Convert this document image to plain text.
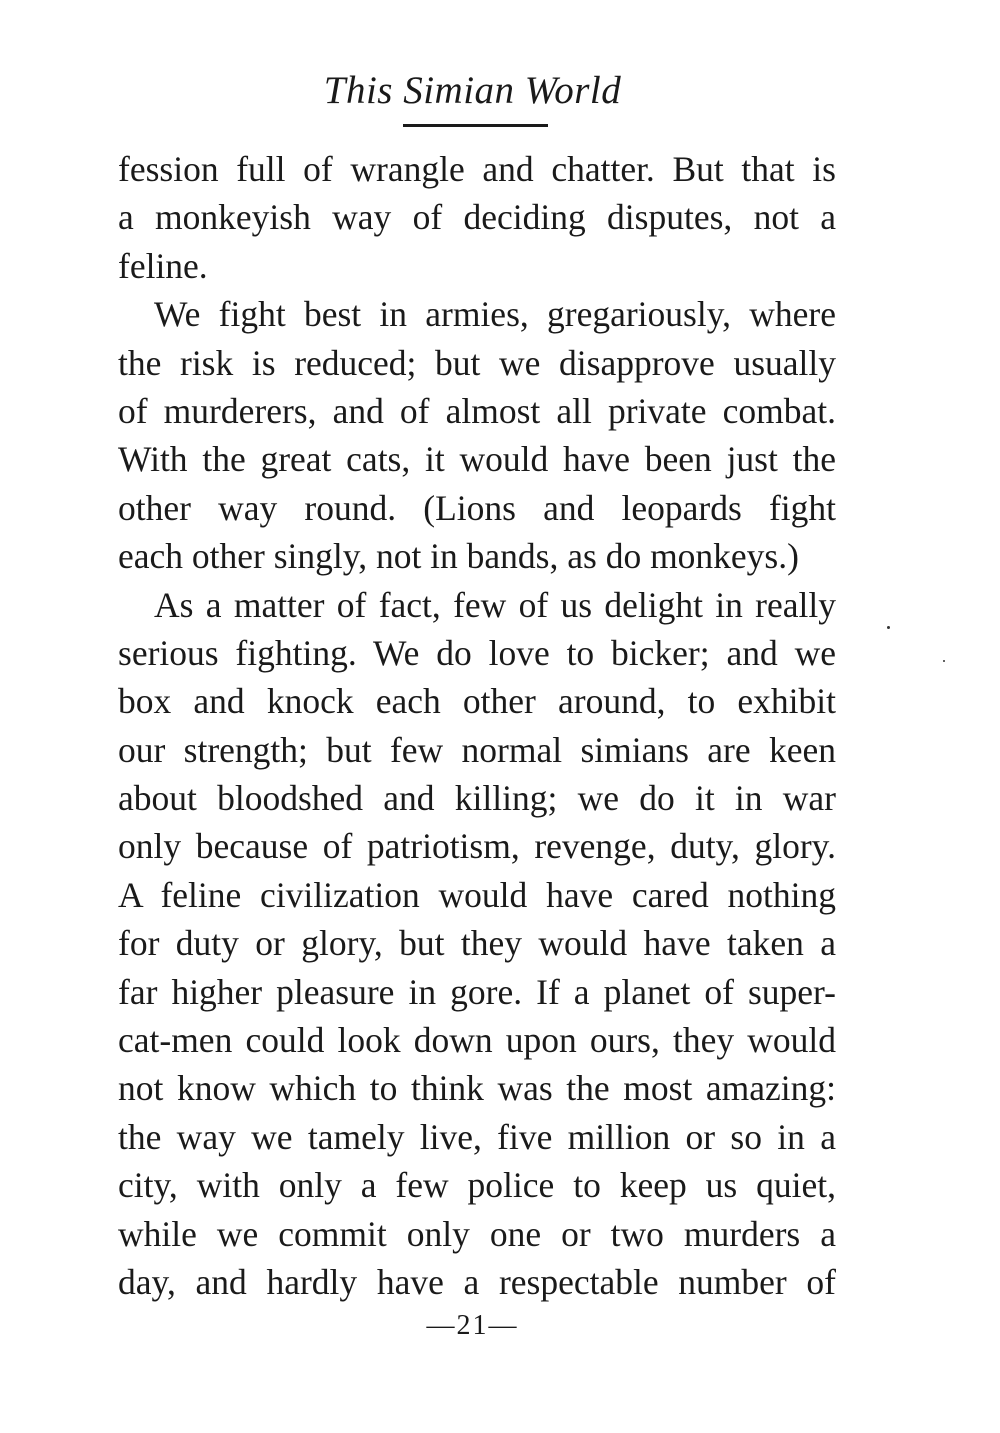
This Simian World
fession full of wrangle and chatter. But that is
a monkeyish way of deciding disputes, not a
feline.
We fight best in armies, gregariously, where
the risk is reduced; but we disapprove usually
of murderers, and of almost all private combat.
With the great cats, it would have been just the
other way round. (Lions and leopards fight
each other singly, not in bands, as do monkeys.)
As a matter of fact, few of us delight in really
serious fighting. We do love to bicker; and we
box and knock each other around, to exhibit
our strength; but few normal simians are keen
about bloodshed and killing; we do it in war
only because of patriotism, revenge, duty, glory.
A feline civilization would have cared nothing
for duty or glory, but they would have taken a
far higher pleasure in gore. If a planet of super-
cat-men could look down upon ours, they would
not know which to think was the most amazing:
the way we tamely live, five million or so in a
city, with only a few police to keep us quiet,
while we commit only one or two murders a
day, and hardly have a respectable number of
—21—
